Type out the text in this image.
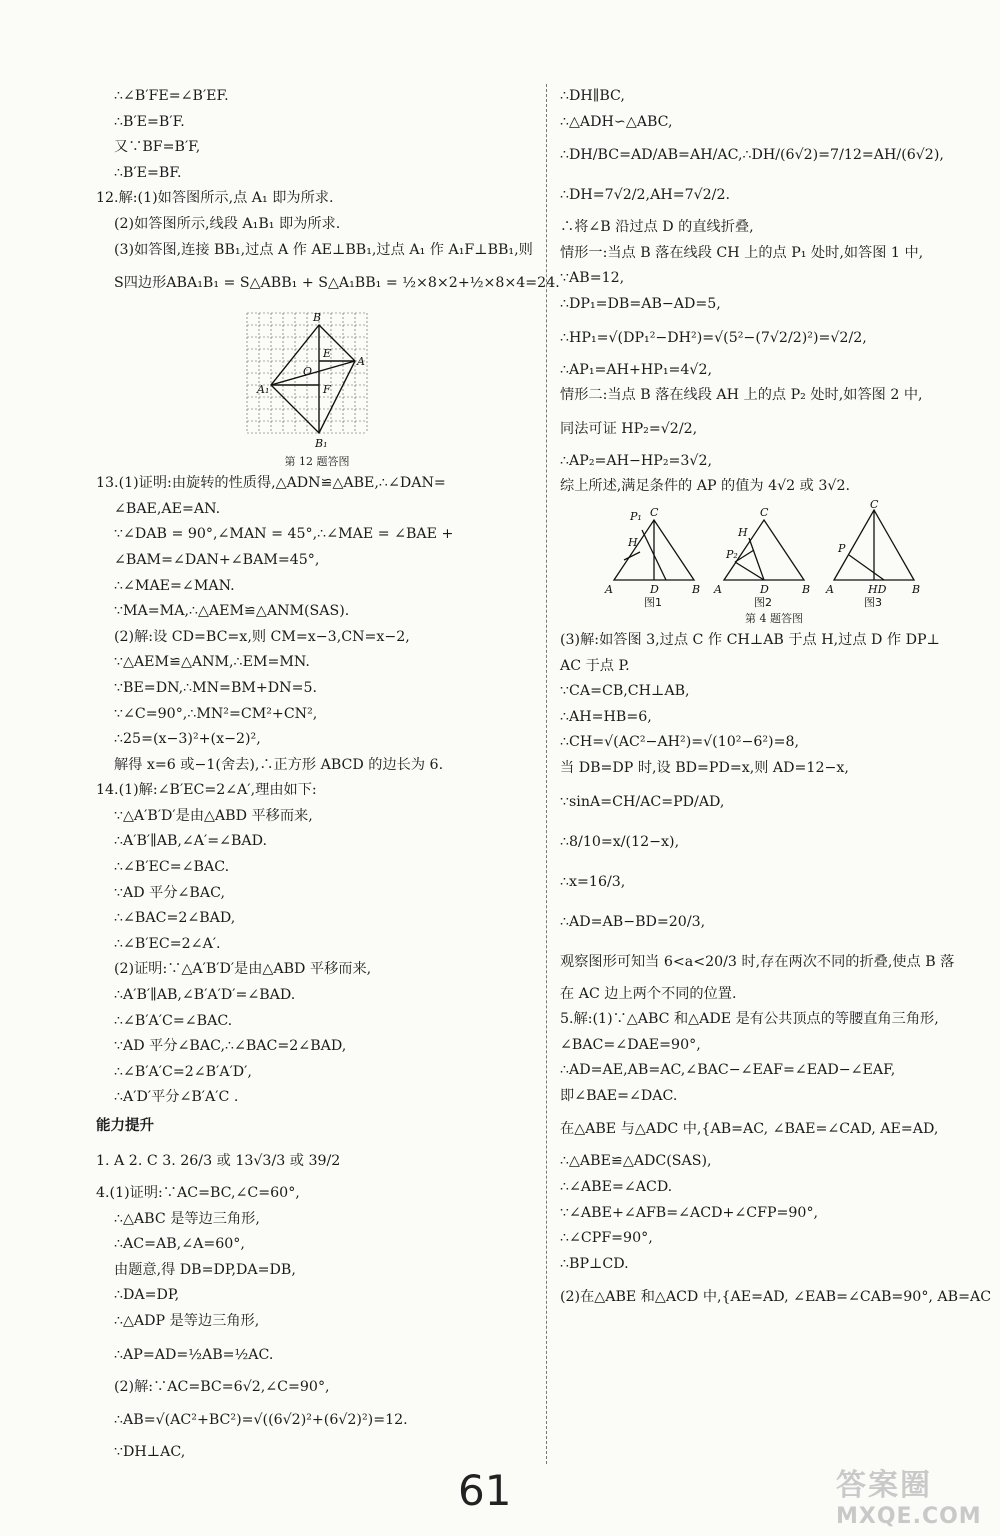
∴∠B′FE=∠B′EF.
∴B′E=B′F.
又∵BF=B′F,
∴B′E=BF.
12.解:(1)如答图所示,点 A₁ 即为所求.
(2)如答图所示,线段 A₁B₁ 即为所求.
(3)如答图,连接 BB₁,过点 A 作 AE⊥BB₁,过点 A₁ 作 A₁F⊥BB₁,则
S四边形ABA₁B₁ = S△ABB₁ + S△A₁BB₁ = ½×8×2+½×8×4=24.
B
E
O
A
A₁	F
B₁
第 12 题答图
13.(1)证明:由旋转的性质得,△ADN≌△ABE,∴∠DAN=
∠BAE,AE=AN.
∵∠DAB = 90°,∠MAN = 45°,∴∠MAE = ∠BAE +
∠BAM=∠DAN+∠BAM=45°,
∴∠MAE=∠MAN.
∵MA=MA,∴△AEM≌△ANM(SAS).
(2)解:设 CD=BC=x,则 CM=x−3,CN=x−2,
∵△AEM≌△ANM,∴EM=MN.
∵BE=DN,∴MN=BM+DN=5.
∵∠C=90°,∴MN²=CM²+CN²,
∴25=(x−3)²+(x−2)²,
解得 x=6 或−1(舍去),∴正方形 ABCD 的边长为 6.
14.(1)解:∠B′EC=2∠A′,理由如下:
∵△A′B′D′是由△ABD 平移而来,
∴A′B′∥AB,∠A′=∠BAD.
∴∠B′EC=∠BAC.
∵AD 平分∠BAC,
∴∠BAC=2∠BAD,
∴∠B′EC=2∠A′.
(2)证明:∵△A′B′D′是由△ABD 平移而来,
∴A′B′∥AB,∠B′A′D′=∠BAD.
∴∠B′A′C=∠BAC.
∵AD 平分∠BAC,∴∠BAC=2∠BAD,
∴∠B′A′C=2∠B′A′D′,
∴A′D′平分∠B′A′C .
能力提升
1. A 2. C 3. 26/3 或 13√3/3 或 39/2
4.(1)证明:∵AC=BC,∠C=60°,
∴△ABC 是等边三角形,
∴AC=AB,∠A=60°,
由题意,得 DB=DP,DA=DB,
∴DA=DP,
∴△ADP 是等边三角形,
∴AP=AD=½AB=½AC.
(2)解:∵AC=BC=6√2,∠C=90°,
∴AB=√(AC²+BC²)=√((6√2)²+(6√2)²)=12.
∵DH⊥AC,
∴DH∥BC,
∴△ADH∽△ABC,
∴DH/BC=AD/AB=AH/AC,∴DH/(6√2)=7/12=AH/(6√2),
∴DH=7√2/2,AH=7√2/2.
∴将∠B 沿过点 D 的直线折叠,
情形一:当点 B 落在线段 CH 上的点 P₁ 处时,如答图 1 中,
∵AB=12,
∴DP₁=DB=AB−AD=5,
∴HP₁=√(DP₁²−DH²)=√(5²−(7√2/2)²)=√2/2,
∴AP₁=AH+HP₁=4√2,
情形二:当点 B 落在线段 AH 上的点 P₂ 处时,如答图 2 中,
同法可证 HP₂=√2/2,
∴AP₂=AH−HP₂=3√2,
综上所述,满足条件的 AP 的值为 4√2 或 3√2.
A	B
C
P₁
H
D	A	B
C
P₂
H
D	A	B
C
P
HD
图1	图2	图3
第 4 题答图
(3)解:如答图 3,过点 C 作 CH⊥AB 于点 H,过点 D 作 DP⊥
AC 于点 P.
∵CA=CB,CH⊥AB,
∴AH=HB=6,
∴CH=√(AC²−AH²)=√(10²−6²)=8,
当 DB=DP 时,设 BD=PD=x,则 AD=12−x,
∵sinA=CH/AC=PD/AD,
∴8/10=x/(12−x),
∴x=16/3,
∴AD=AB−BD=20/3,
观察图形可知当 6<a<20/3 时,存在两次不同的折叠,使点 B 落
在 AC 边上两个不同的位置.
5.解:(1)∵△ABC 和△ADE 是有公共顶点的等腰直角三角形,
∠BAC=∠DAE=90°,
∴AD=AE,AB=AC,∠BAC−∠EAF=∠EAD−∠EAF,
即∠BAE=∠DAC.
在△ABE 与△ADC 中,{AB=AC, ∠BAE=∠CAD, AE=AD,
∴△ABE≌△ADC(SAS),
∴∠ABE=∠ACD.
∵∠ABE+∠AFB=∠ACD+∠CFP=90°,
∴∠CPF=90°,
∴BP⊥CD.
(2)在△ABE 和△ACD 中,{AE=AD, ∠EAB=∠CAB=90°, AB=AC
61	答案圈
MXQE.COM
